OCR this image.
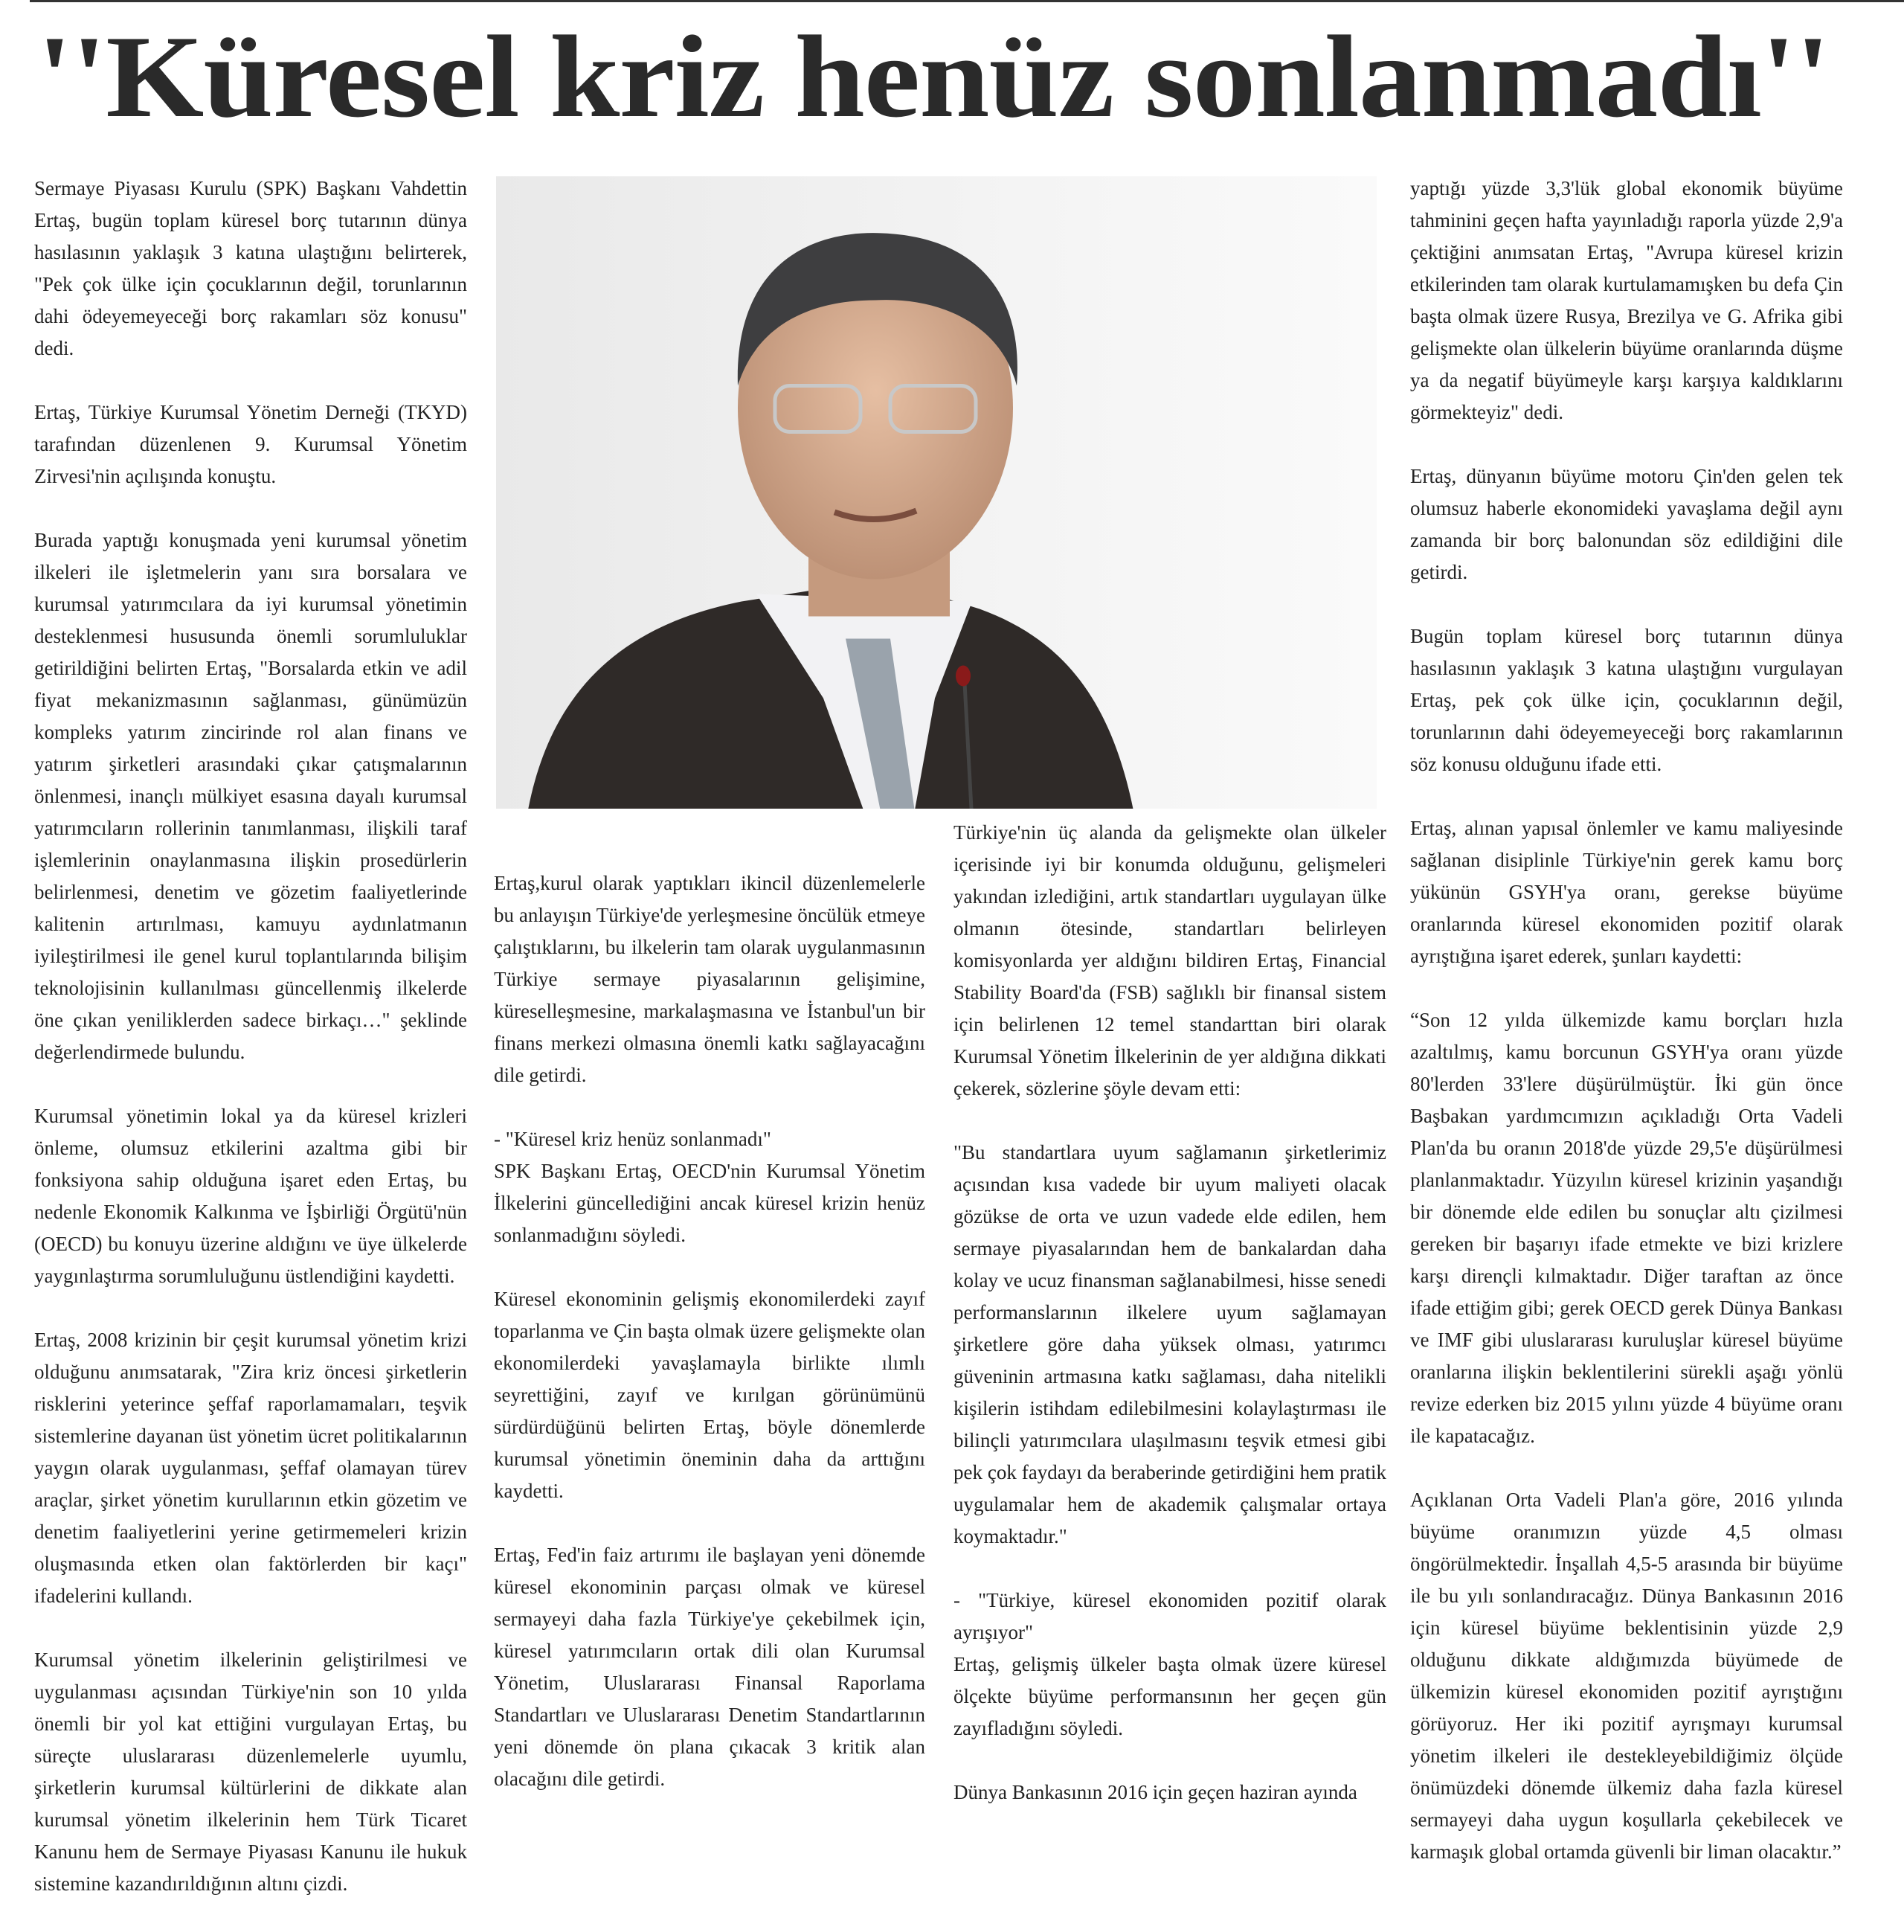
''Küresel kriz henüz sonlanmadı''

Sermaye Piyasası Kurulu (SPK) Başkanı Vahdettin Ertaş, bugün toplam küresel borç tutarının dünya hasılasının yaklaşık 3 katına ulaştığını belirterek, "Pek çok ülke için çocuklarının değil, torunlarının dahi ödeyemeyeceği borç rakamları söz konusu" dedi.

Ertaş, Türkiye Kurumsal Yönetim Derneği (TKYD) tarafından düzenlenen 9. Kurumsal Yönetim Zirvesi'nin açılışında konuştu.

Burada yaptığı konuşmada yeni kurumsal yönetim ilkeleri ile işletmelerin yanı sıra borsalara ve kurumsal yatırımcılara da iyi kurumsal yönetimin desteklenmesi hususunda önemli sorumluluklar getirildiğini belirten Ertaş, "Borsalarda etkin ve adil fiyat mekanizmasının sağlanması, günümüzün kompleks yatırım zincirinde rol alan finans ve yatırım şirketleri arasındaki çıkar çatışmalarının önlenmesi, inançlı mülkiyet esasına dayalı kurumsal yatırımcıların rollerinin tanımlanması, ilişkili taraf işlemlerinin onaylanmasına ilişkin prosedürlerin belirlenmesi, denetim ve gözetim faaliyetlerinde kalitenin artırılması, kamuyu aydınlatmanın iyileştirilmesi ile genel kurul toplantılarında bilişim teknolojisinin kullanılması güncellenmiş ilkelerde öne çıkan yeniliklerden sadece birkaçı…" şeklinde değerlendirmede bulundu.

Kurumsal yönetimin lokal ya da küresel krizleri önleme, olumsuz etkilerini azaltma gibi bir fonksiyona sahip olduğuna işaret eden Ertaş, bu nedenle Ekonomik Kalkınma ve İşbirliği Örgütü'nün (OECD) bu konuyu üzerine aldığını ve üye ülkelerde yaygınlaştırma sorumluluğunu üstlendiğini kaydetti.

Ertaş, 2008 krizinin bir çeşit kurumsal yönetim krizi olduğunu anımsatarak, "Zira kriz öncesi şirketlerin risklerini yeterince şeffaf raporlamamaları, teşvik sistemlerine dayanan üst yönetim ücret politikalarının yaygın olarak uygulanması, şeffaf olamayan türev araçlar, şirket yönetim kurullarının etkin gözetim ve denetim faaliyetlerini yerine getirmemeleri krizin oluşmasında etken olan faktörlerden bir kaçı" ifadelerini kullandı.

Kurumsal yönetim ilkelerinin geliştirilmesi ve uygulanması açısından Türkiye'nin son 10 yılda önemli bir yol kat ettiğini vurgulayan Ertaş, bu süreçte uluslararası düzenlemelerle uyumlu, şirketlerin kurumsal kültürlerini de dikkate alan kurumsal yönetim ilkelerinin hem Türk Ticaret Kanunu hem de Sermaye Piyasası Kanunu ile hukuk sistemine kazandırıldığının altını çizdi.

Ertaş,kurul olarak yaptıkları ikincil düzenlemelerle bu anlayışın Türkiye'de yerleşmesine öncülük etmeye çalıştıklarını, bu ilkelerin tam olarak uygulanmasının Türkiye sermaye piyasalarının gelişimine, küreselleşmesine, markalaşmasına ve İstanbul'un bir finans merkezi olmasına önemli katkı sağlayacağını dile getirdi.

- "Küresel kriz henüz sonlanmadı"
SPK Başkanı Ertaş, OECD'nin Kurumsal Yönetim İlkelerini güncellediğini ancak küresel krizin henüz sonlanmadığını söyledi.

Küresel ekonominin gelişmiş ekonomilerdeki zayıf toparlanma ve Çin başta olmak üzere gelişmekte olan ekonomilerdeki yavaşlamayla birlikte ılımlı seyrettiğini, zayıf ve kırılgan görünümünü sürdürdüğünü belirten Ertaş, böyle dönemlerde kurumsal yönetimin öneminin daha da arttığını kaydetti.

Ertaş, Fed'in faiz artırımı ile başlayan yeni dönemde küresel ekonominin parçası olmak ve küresel sermayeyi daha fazla Türkiye'ye çekebilmek için, küresel yatırımcıların ortak dili olan Kurumsal Yönetim, Uluslararası Finansal Raporlama Standartları ve Uluslararası Denetim Standartlarının yeni dönemde ön plana çıkacak 3 kritik alan olacağını dile getirdi.

Türkiye'nin üç alanda da gelişmekte olan ülkeler içerisinde iyi bir konumda olduğunu, gelişmeleri yakından izlediğini, artık standartları uygulayan ülke olmanın ötesinde, standartları belirleyen komisyonlarda yer aldığını bildiren Ertaş, Financial Stability Board'da (FSB) sağlıklı bir finansal sistem için belirlenen 12 temel standarttan biri olarak Kurumsal Yönetim İlkelerinin de yer aldığına dikkati çekerek, sözlerine şöyle devam etti:

"Bu standartlara uyum sağlamanın şirketlerimiz açısından kısa vadede bir uyum maliyeti olacak gözükse de orta ve uzun vadede elde edilen, hem sermaye piyasalarından hem de bankalardan daha kolay ve ucuz finansman sağlanabilmesi, hisse senedi performanslarının ilkelere uyum sağlamayan şirketlere göre daha yüksek olması, yatırımcı güveninin artmasına katkı sağlaması, daha nitelikli kişilerin istihdam edilebilmesini kolaylaştırması ile bilinçli yatırımcılara ulaşılmasını teşvik etmesi gibi pek çok faydayı da beraberinde getirdiğini hem pratik uygulamalar hem de akademik çalışmalar ortaya koymaktadır."

- "Türkiye, küresel ekonomiden pozitif olarak ayrışıyor"
Ertaş, gelişmiş ülkeler başta olmak üzere küresel ölçekte büyüme performansının her geçen gün zayıfladığını söyledi.

Dünya Bankasının 2016 için geçen haziran ayında

yaptığı yüzde 3,3'lük global ekonomik büyüme tahminini geçen hafta yayınladığı raporla yüzde 2,9'a çektiğini anımsatan Ertaş, "Avrupa küresel krizin etkilerinden tam olarak kurtulamamışken bu defa Çin başta olmak üzere Rusya, Brezilya ve G. Afrika gibi gelişmekte olan ülkelerin büyüme oranlarında düşme ya da negatif büyümeyle karşı karşıya kaldıklarını görmekteyiz" dedi.

Ertaş, dünyanın büyüme motoru Çin'den gelen tek olumsuz haberle ekonomideki yavaşlama değil aynı zamanda bir borç balonundan söz edildiğini dile getirdi.

Bugün toplam küresel borç tutarının dünya hasılasının yaklaşık 3 katına ulaştığını vurgulayan Ertaş, pek çok ülke için, çocuklarının değil, torunlarının dahi ödeyemeyeceği borç rakamlarının söz konusu olduğunu ifade etti.

Ertaş, alınan yapısal önlemler ve kamu maliyesinde sağlanan disiplinle Türkiye'nin gerek kamu borç yükünün GSYH'ya oranı, gerekse büyüme oranlarında küresel ekonomiden pozitif olarak ayrıştığına işaret ederek, şunları kaydetti:

“Son 12 yılda ülkemizde kamu borçları hızla azaltılmış, kamu borcunun GSYH'ya oranı yüzde 80'lerden 33'lere düşürülmüştür. İki gün önce Başbakan yardımcımızın açıkladığı Orta Vadeli Plan'da bu oranın 2018'de yüzde 29,5'e düşürülmesi planlanmaktadır. Yüzyılın küresel krizinin yaşandığı bir dönemde elde edilen bu sonuçlar altı çizilmesi gereken bir başarıyı ifade etmekte ve bizi krizlere karşı dirençli kılmaktadır. Diğer taraftan az önce ifade ettiğim gibi; gerek OECD gerek Dünya Bankası ve IMF gibi uluslararası kuruluşlar küresel büyüme oranlarına ilişkin beklentilerini sürekli aşağı yönlü revize ederken biz 2015 yılını yüzde 4 büyüme oranı ile kapatacağız.

Açıklanan Orta Vadeli Plan'a göre, 2016 yılında büyüme oranımızın yüzde 4,5 olması öngörülmektedir. İnşallah 4,5-5 arasında bir büyüme ile bu yılı sonlandıracağız. Dünya Bankasının 2016 için küresel büyüme beklentisinin yüzde 2,9 olduğunu dikkate aldığımızda büyümede de ülkemizin küresel ekonomiden pozitif ayrıştığını görüyoruz. Her iki pozitif ayrışmayı kurumsal yönetim ilkeleri ile destekleyebildiğimiz ölçüde önümüzdeki dönemde ülkemiz daha fazla küresel sermayeyi daha uygun koşullarla çekebilecek ve karmaşık global ortamda güvenli bir liman olacaktır.”
